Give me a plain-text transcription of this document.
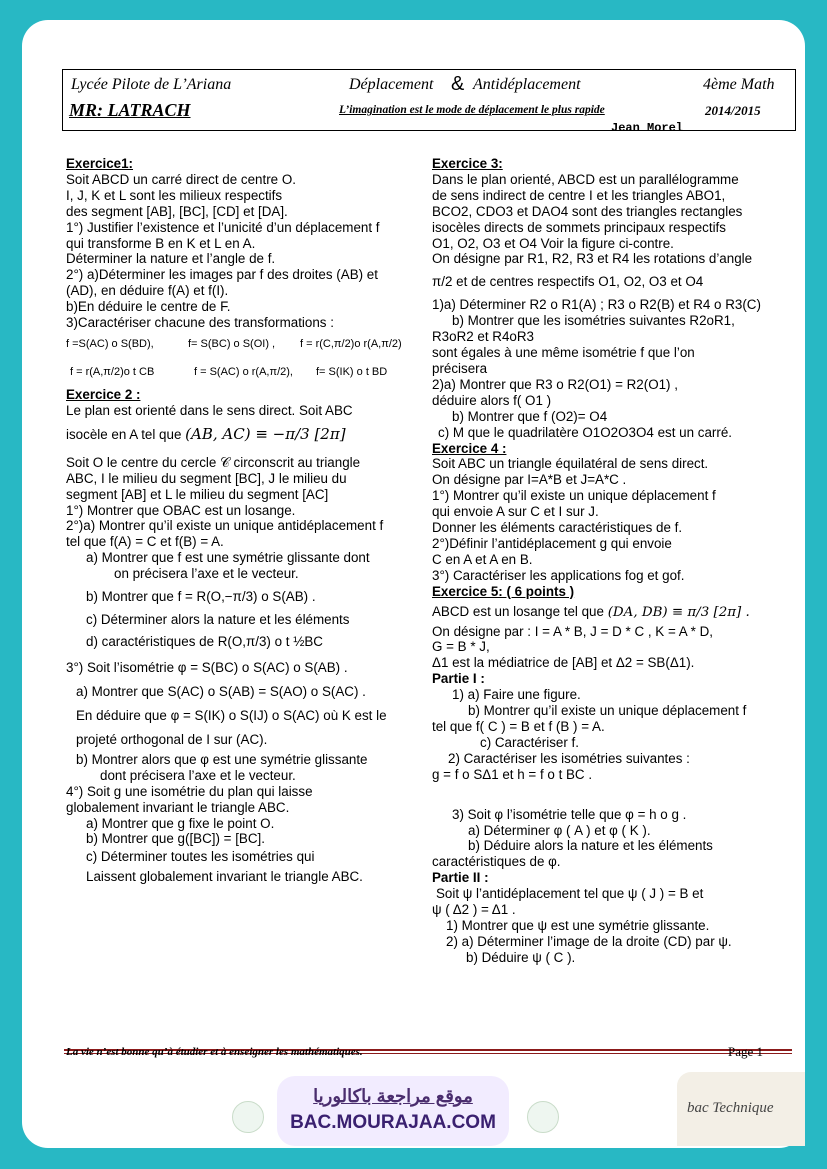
Lycée Pilote de L’Ariana	Déplacement & Antidéplacement	4ème Math
MR: LATRACH	L’imagination est le mode de déplacement le plus rapide	2014/2015
Jean Morel

Exercice1:

Soit ABCD un carré direct de centre O.

I, J, K et L sont les milieux respectifs

des segment [AB], [BC], [CD] et [DA].

1°) Justifier l’existence et l’unicité d’un déplacement f

qui transforme B en K et L en A.

Déterminer la nature et l’angle de f.

2°) a)Déterminer les images par f des droites (AB) et

(AD), en déduire f(A) et f(I).

b)En déduire le centre de F.

3)Caractériser chacune des transformations :

f =S(AC) o S(BD),	f= S(BC) o S(OI) , f = r(C,π/2)o r(A,π/2)

f = r(A,π/2)o t CB	f = S(AC) o r(A,π/2), f= S(IK) o t BD

Exercice 2 :

Le plan est orienté dans le sens direct. Soit ABC

isocèle en A tel que (AB, AC) ≡ −π/3 [2π]

Soit O le centre du cercle 𝒞 circonscrit au triangle

ABC, I le milieu du segment [BC], J le milieu du

segment [AB] et L le milieu du segment [AC]

1°) Montrer que OBAC est un losange.

2°)a) Montrer qu’il existe un unique antidéplacement f

tel que f(A) = C et f(B) = A.

a) Montrer que f est une symétrie glissante dont

on précisera l’axe et le vecteur.

b) Montrer que f = R(O,−π/3) o S(AB) .

c) Déterminer alors la nature et les éléments

d) caractéristiques de R(O,π/3) o t ½BC

3°) Soit l’isométrie φ = S(BC) o S(AC) o S(AB) .

a) Montrer que S(AC) o S(AB) = S(AO) o S(AC) .

En déduire que φ = S(IK) o S(IJ) o S(AC) où K est le

projeté orthogonal de I sur (AC).

b) Montrer alors que φ est une symétrie glissante

dont précisera l’axe et le vecteur.

4°) Soit g une isométrie du plan qui laisse

globalement invariant le triangle ABC.

a) Montrer que g fixe le point O.

b) Montrer que g([BC]) = [BC].

c) Déterminer toutes les isométries qui

Laissent globalement invariant le triangle ABC.

Exercice 3:

Dans le plan orienté, ABCD est un parallélogramme

de sens indirect de centre I et les triangles ABO1,

BCO2, CDO3 et DAO4 sont des triangles rectangles

isocèles directs de sommets principaux respectifs

O1, O2, O3 et O4 Voir la figure ci-contre.

On désigne par R1, R2, R3 et R4 les rotations d’angle

π/2 et de centres respectifs O1, O2, O3 et O4

1)a) Déterminer R2 o R1(A) ; R3 o R2(B) et R4 o R3(C)

b) Montrer que les isométries suivantes R2oR1,

R3oR2 et R4oR3

sont égales à une même isométrie f que l’on

précisera

2)a) Montrer que R3 o R2(O1) = R2(O1) ,

déduire alors f( O1 )

b) Montrer que f (O2)= O4

c) M que le quadrilatère O1O2O3O4 est un carré.

Exercice 4 :

Soit ABC un triangle équilatéral de sens direct.

On désigne par I=A*B et J=A*C .

1°) Montrer qu’il existe un unique déplacement f

qui envoie A sur C et I sur J.

Donner les éléments caractéristiques de f.

2°)Définir l’antidéplacement g qui envoie

C en A et A en B.

3°) Caractériser les applications fog et gof.

Exercice 5: ( 6 points )

ABCD est un losange tel que (DA, DB) ≡ π/3 [2π] .

On désigne par : I = A * B, J = D * C , K = A * D,

G = B * J,

Δ1 est la médiatrice de [AB] et Δ2 = SB(Δ1).

Partie I :

1) a) Faire une figure.

b) Montrer qu’il existe un unique déplacement f

tel que f( C ) = B et f (B ) = A.

c) Caractériser f.

2) Caractériser les isométries suivantes :

g = f o SΔ1 et h = f o t BC .

3) Soit φ l’isométrie telle que φ = h o g .

a) Déterminer φ ( A ) et φ ( K ).

b) Déduire alors la nature et les éléments

caractéristiques de φ.

Partie II :

Soit ψ l’antidéplacement tel que ψ ( J ) = B et

ψ ( Δ2 ) = Δ1 .

1) Montrer que ψ est une symétrie glissante.

2) a) Déterminer l’image de la droite (CD) par ψ.

b) Déduire ψ ( C ).

La vie n’est bonne qu’à étudier et à enseigner les mathématiques.	Page 1
موقع مراجعة باكالوريا
BAC.MOURAJAA.COM
bac Technique
